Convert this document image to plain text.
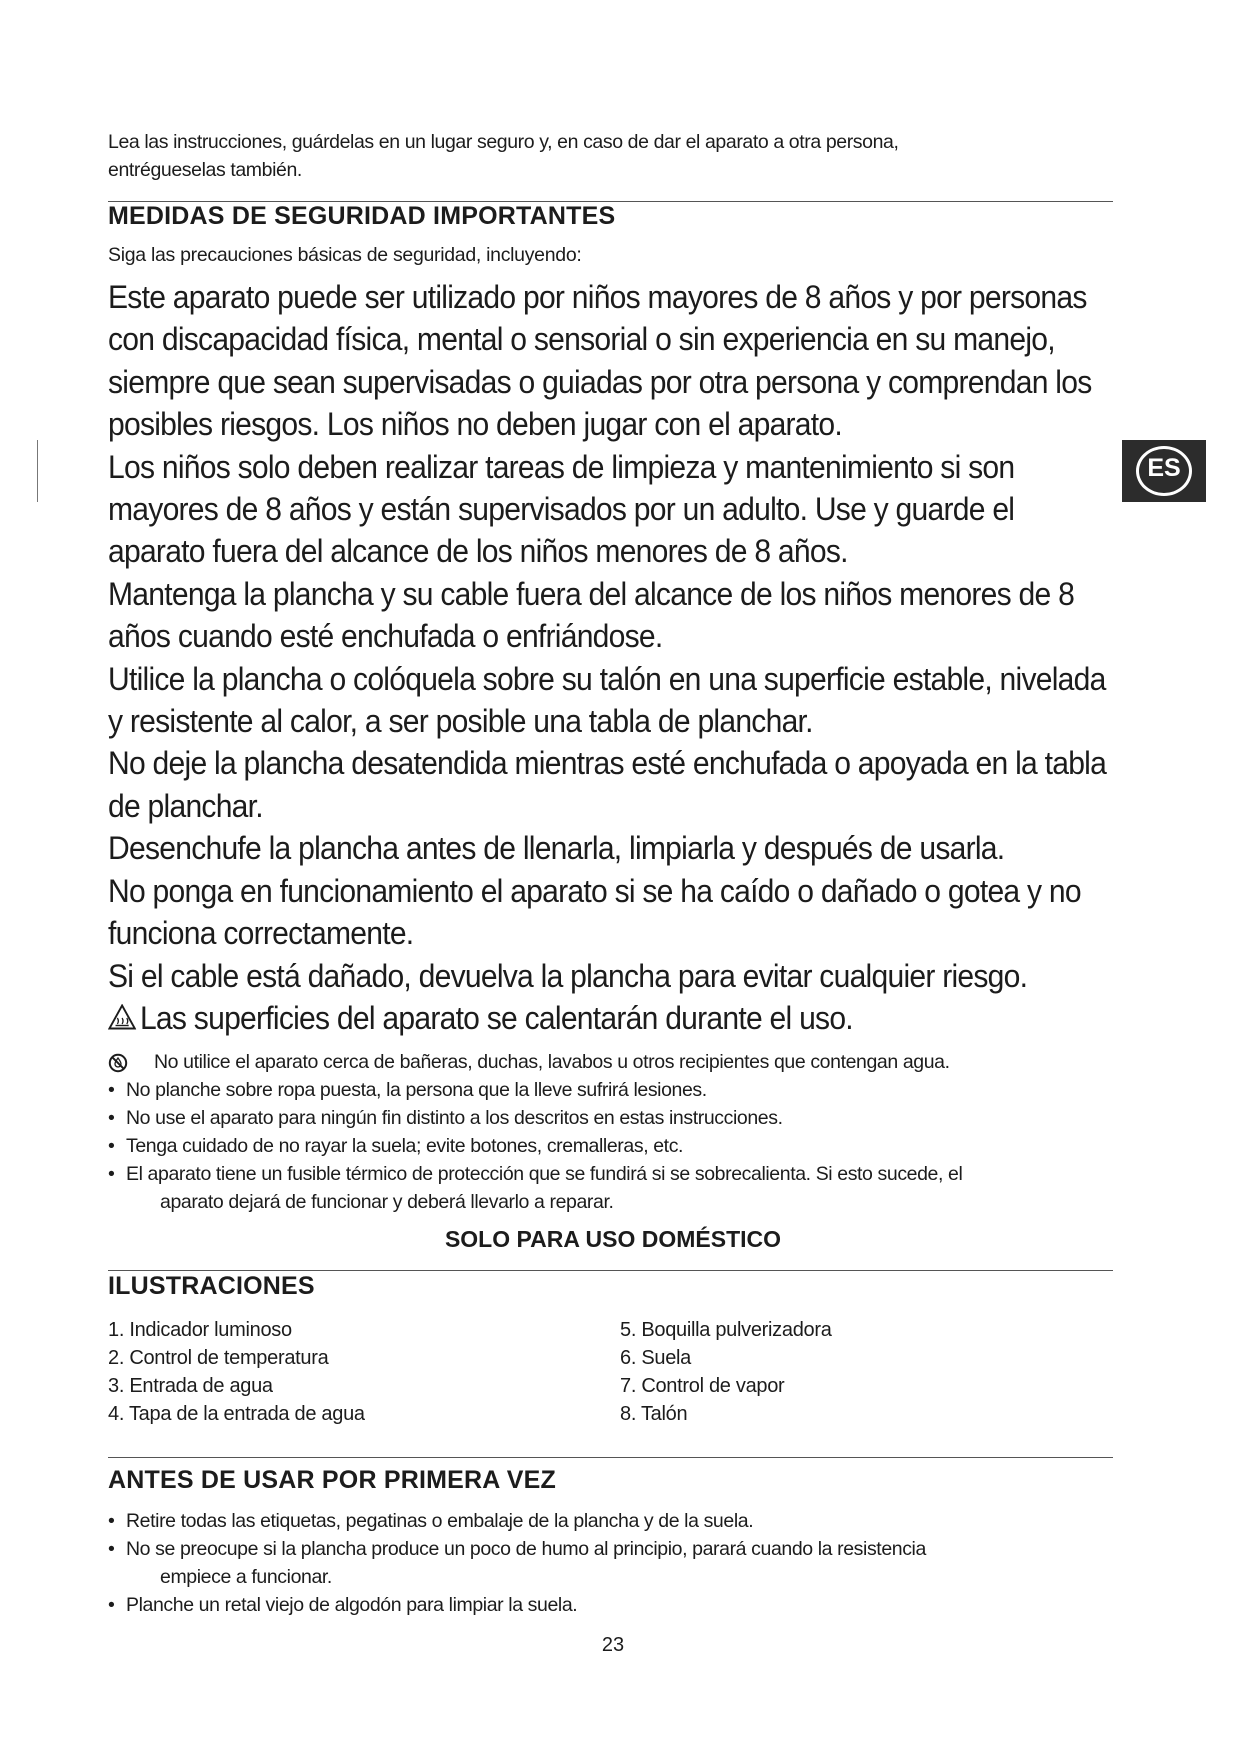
Lea las instrucciones, guárdelas en un lugar seguro y, en caso de dar el aparato a otra persona,
entrégueselas también.
MEDIDAS DE SEGURIDAD IMPORTANTES
Siga las precauciones básicas de seguridad, incluyendo:

Este aparato puede ser utilizado por niños mayores de 8 años y por personas con discapacidad física, mental o sensorial o sin experiencia en su manejo, siempre que sean supervisadas o guiadas por otra persona y comprendan los posibles riesgos. Los niños no deben jugar con el aparato.

Los niños solo deben realizar tareas de limpieza y mantenimiento si son mayores de 8 años y están supervisados por un adulto. Use y guarde el aparato fuera del alcance de los niños menores de 8 años.

Mantenga la plancha y su cable fuera del alcance de los niños menores de 8 años cuando esté enchufada o enfriándose.

Utilice la plancha o colóquela sobre su talón en una superficie estable, nivelada y resistente al calor, a ser posible una tabla de planchar.

No deje la plancha desatendida mientras esté enchufada o apoyada en la tabla de planchar.

Desenchufe la plancha antes de llenarla, limpiarla y después de usarla.

No ponga en funcionamiento el aparato si se ha caído o dañado o gotea y no funciona correctamente.

Si el cable está dañado, devuelva la plancha para evitar cualquier riesgo.

Las superficies del aparato se calentarán durante el uso.

No utilice el aparato cerca de bañeras, duchas, lavabos u otros recipientes que contengan agua.
• No planche sobre ropa puesta, la persona que la lleve sufrirá lesiones.
• No use el aparato para ningún fin distinto a los descritos en estas instrucciones.
• Tenga cuidado de no rayar la suela; evite botones, cremalleras, etc.
• El aparato tiene un fusible térmico de protección que se fundirá si se sobrecalienta. Si esto sucede, el
aparato dejará de funcionar y deberá llevarlo a reparar.
SOLO PARA USO DOMÉSTICO
ILUSTRACIONES
1. Indicador luminoso
2. Control de temperatura
3. Entrada de agua
4. Tapa de la entrada de agua
5. Boquilla pulverizadora
6. Suela
7. Control de vapor
8. Talón
ANTES DE USAR POR PRIMERA VEZ
• Retire todas las etiquetas, pegatinas o embalaje de la plancha y de la suela.
• No se preocupe si la plancha produce un poco de humo al principio, parará cuando la resistencia
empiece a funcionar.
• Planche un retal viejo de algodón para limpiar la suela.
23
ES
